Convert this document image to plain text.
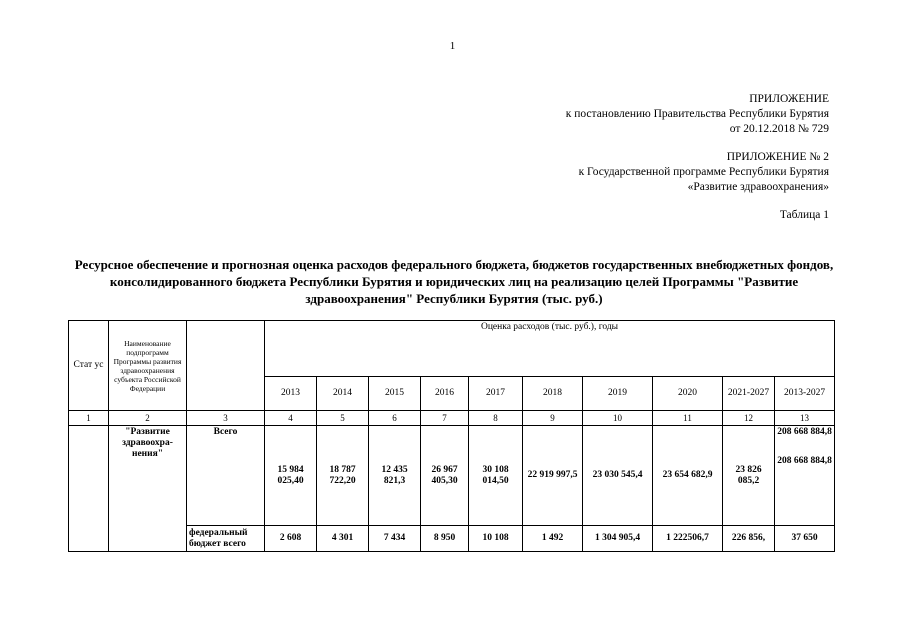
1
ПРИЛОЖЕНИЕ
к постановлению Правительства Республики Бурятия
от 20.12.2018 № 729
ПРИЛОЖЕНИЕ № 2
к Государственной программе Республики Бурятия
«Развитие здравоохранения»
Таблица 1
Ресурсное обеспечение и прогнозная оценка расходов федерального бюджета, бюджетов государственных внебюджетных фондов, консолидированного бюджета Республики Бурятия и юридических лиц на реализацию целей Программы "Развитие здравоохранения" Республики Бурятия (тыс. руб.)
Стат ус	Наименование подпрограмм Программы развития здравоохранения субъекта Российской Федерации		Оценка расходов (тыс. руб.), годы									
			2013	2014	2015	2016	2017	2018	2019	2020	2021-2027	2013-2027
1	2	3	4	5	6	7	8	9	10	11	12	13
	"Развитие здравоохра-нения"	Всего	15 984 025,40	18 787 722,20	12 435 821,3	26 967 405,30	30 108 014,50	22 919 997,5	23 030 545,4	23 654 682,9	23 826 085,2	208 668 884,8
208 668 884,8

		федеральный бюджет всего	2 608	4 301	7 434	8 950	10 108	1 492	1 304 905,4	1 222506,7	226 856,	37 650
